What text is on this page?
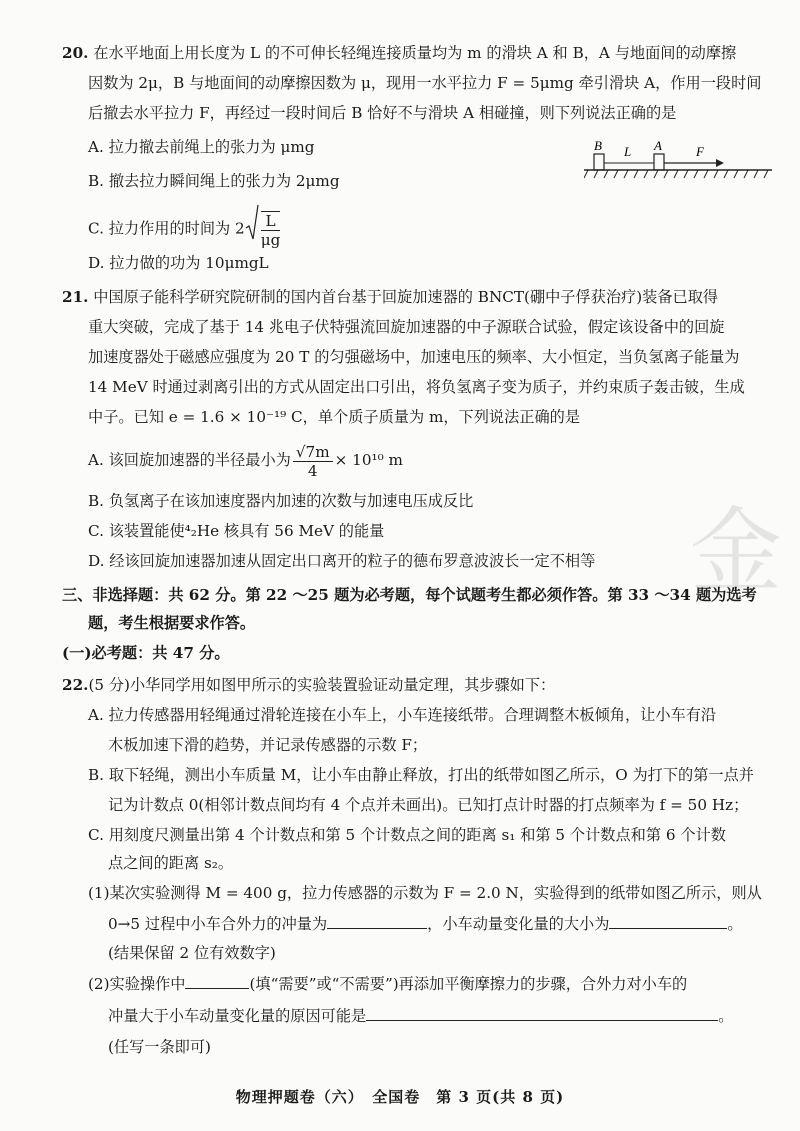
20. 在水平地面上用长度为 L 的不可伸长轻绳连接质量均为 m 的滑块 A 和 B，A 与地面间的动摩擦
因数为 2μ，B 与地面间的动摩擦因数为 μ，现用一水平拉力 F = 5μmg 牵引滑块 A，作用一段时间
后撤去水平拉力 F，再经过一段时间后 B 恰好不与滑块 A 相碰撞，则下列说法正确的是
A. 拉力撤去前绳上的张力为 μmg
B. 撤去拉力瞬间绳上的张力为 2μmg
C. 拉力作用的时间为 $2 \frac{L}{\mu g}$
D. 拉力做的功为 10μmgL
B L A	F
21. 中国原子能科学研究院研制的国内首台基于回旋加速器的 BNCT(硼中子俘获治疗)装备已取得
重大突破，完成了基于 14 兆电子伏特强流回旋加速器的中子源联合试验，假定该设备中的回旋
加速度器处于磁感应强度为 20 T 的匀强磁场中，加速电压的频率、大小恒定，当负氢离子能量为
14 MeV 时通过剥离引出的方式从固定出口引出，将负氢离子变为质子，并约束质子轰击铍，生成
中子。已知 e = 1.6 × 10⁻¹⁹ C，单个质子质量为 m，下列说法正确的是
A. 该回旋加速器的半径最小为 $\frac{√7m}{4} \times 10^{10}$ m
B. 负氢离子在该加速度器内加速的次数与加速电压成反比
C. 该装置能使⁴₂He 核具有 56 MeV 的能量
D. 经该回旋加速器加速从固定出口离开的粒子的德布罗意波波长一定不相等 金
三、非选择题：共 62 分。第 22 ～25 题为必考题，每个试题考生都必须作答。第 33 ～34 题为选考
题，考生根据要求作答。
(一)必考题：共 47 分。
22.(5 分)小华同学用如图甲所示的实验装置验证动量定理，其步骤如下：
A. 拉力传感器用轻绳通过滑轮连接在小车上，小车连接纸带。合理调整木板倾角，让小车有沿
木板加速下滑的趋势，并记录传感器的示数 F；
B. 取下轻绳，测出小车质量 M，让小车由静止释放，打出的纸带如图乙所示，O 为打下的第一点并
记为计数点 0(相邻计数点间均有 4 个点并未画出)。已知打点计时器的打点频率为 f = 50 Hz；
C. 用刻度尺测量出第 4 个计数点和第 5 个计数点之间的距离 s₁ 和第 5 个计数点和第 6 个计数
点之间的距离 s₂。
(1)某次实验测得 M = 400 g，拉力传感器的示数为 F = 2.0 N，实验得到的纸带如图乙所示，则从
0→5 过程中小车合外力的冲量为	，小车动量变化量的大小为	。
(结果保留 2 位有效数字)
(2)实验操作中	(填“需要”或“不需要”)再添加平衡摩擦力的步骤，合外力对小车的
冲量大于小车动量变化量的原因可能是	。
(任写一条即可)
物理押题卷（六）　全国卷　第 3 页(共 8 页)
